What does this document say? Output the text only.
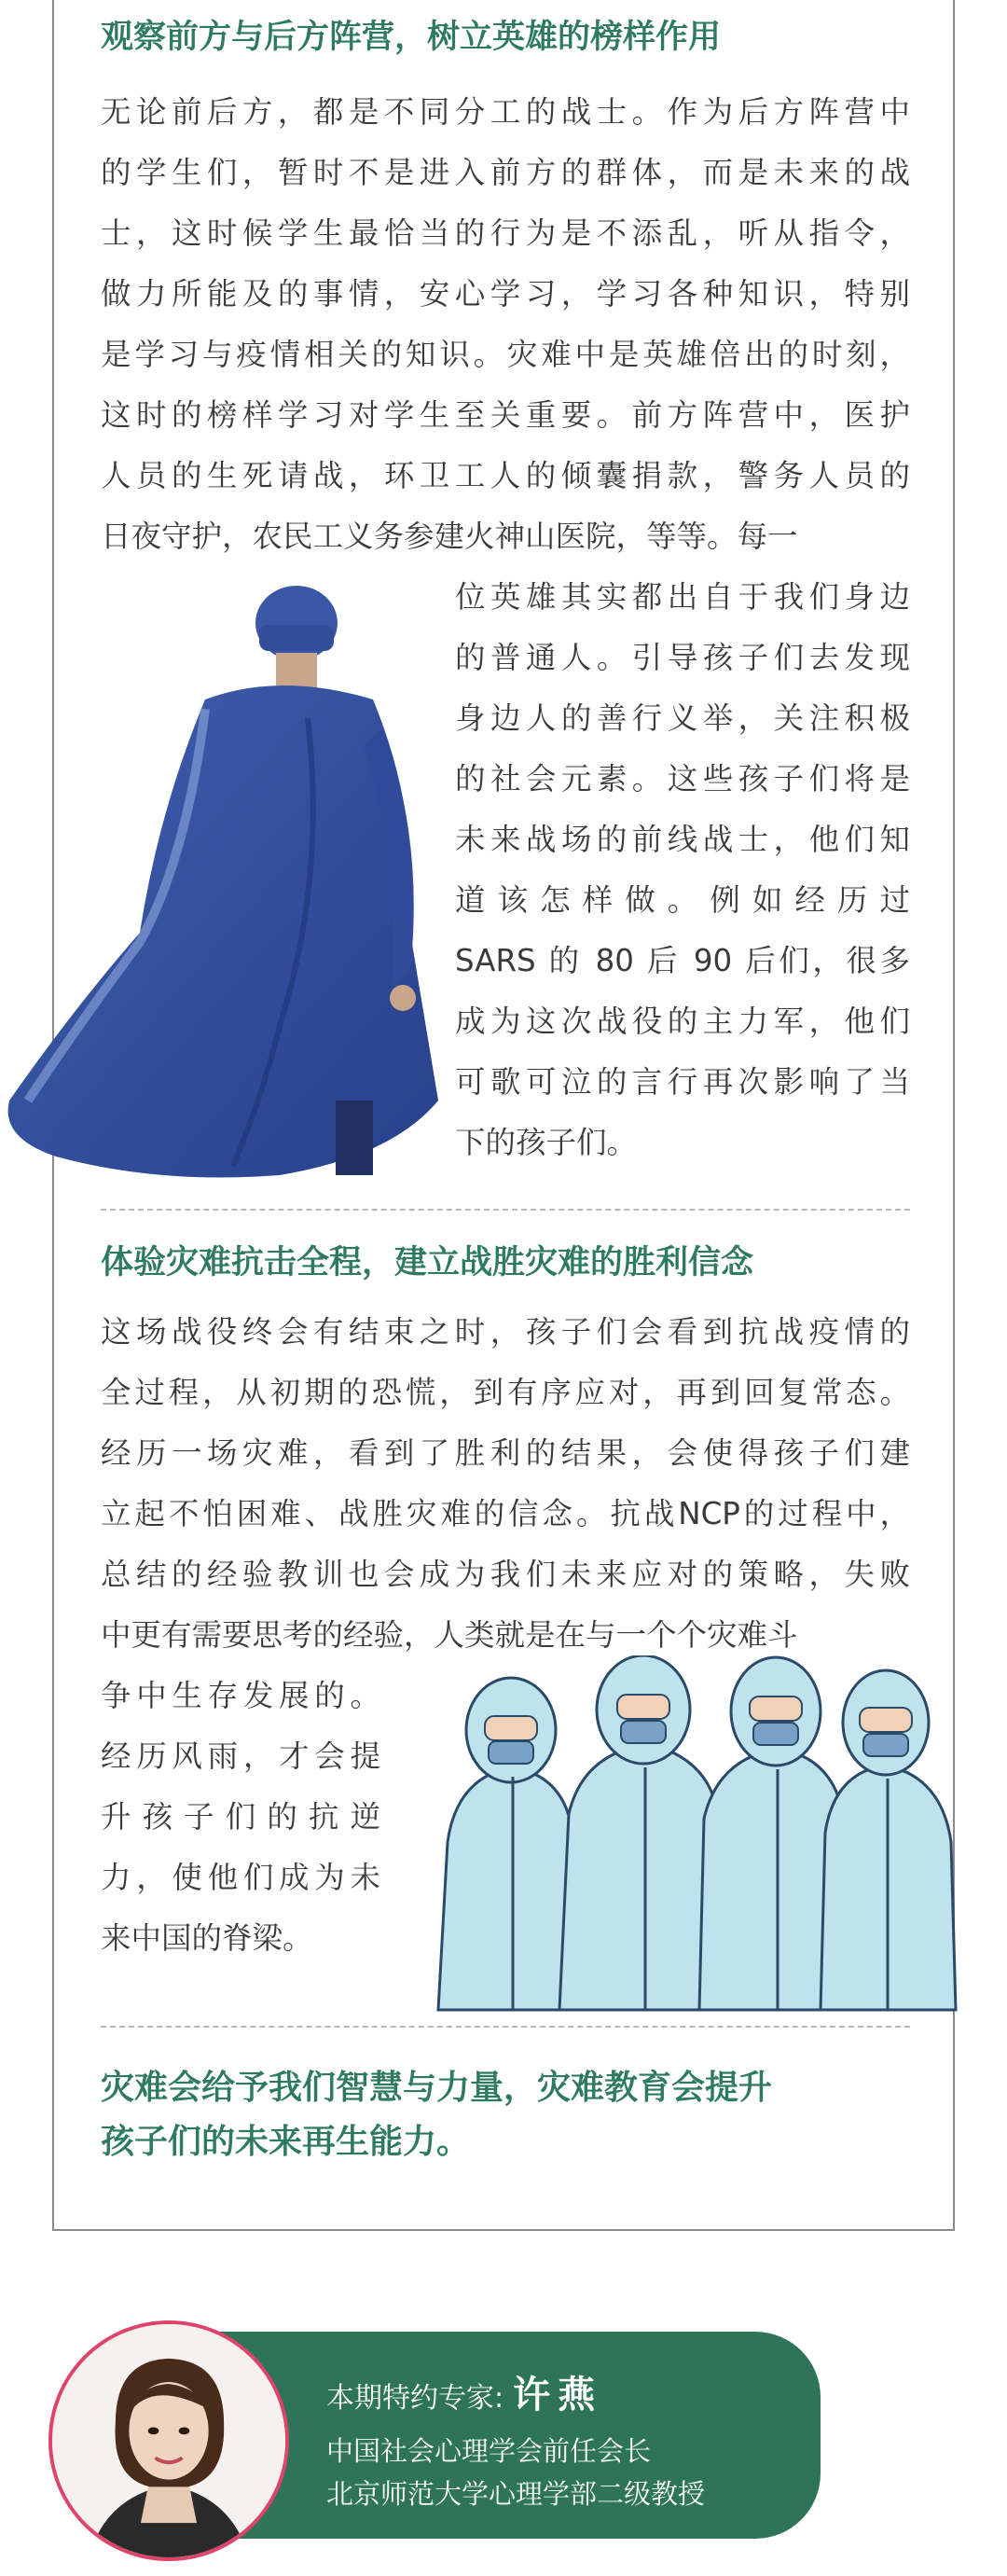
观察前方与后方阵营，树立英雄的榜样作用
无论前后方，都是不同分工的战士。作为后方阵营中
的学生们，暂时不是进入前方的群体，而是未来的战
士，这时候学生最恰当的行为是不添乱，听从指令，
做力所能及的事情，安心学习，学习各种知识，特别
是学习与疫情相关的知识。灾难中是英雄倍出的时刻，
这时的榜样学习对学生至关重要。前方阵营中，医护
人员的生死请战，环卫工人的倾囊捐款，警务人员的
日夜守护，农民工义务参建火神山医院，等等。每一
位英雄其实都出自于我们身边
的普通人。引导孩子们去发现
身边人的善行义举，关注积极
的社会元素。这些孩子们将是
未来战场的前线战士，他们知
道该怎样做。例如经历过
SARS 的 80 后 90 后们，很多
成为这次战役的主力军，他们
可歌可泣的言行再次影响了当
下的孩子们。
体验灾难抗击全程，建立战胜灾难的胜利信念
这场战役终会有结束之时，孩子们会看到抗战疫情的
全过程，从初期的恐慌，到有序应对，再到回复常态。
经历一场灾难，看到了胜利的结果，会使得孩子们建
立起不怕困难、战胜灾难的信念。抗战NCP的过程中，
总结的经验教训也会成为我们未来应对的策略，失败
中更有需要思考的经验，人类就是在与一个个灾难斗
争中生存发展的。
经历风雨，才会提
升孩子们的抗逆
力，使他们成为未
来中国的脊梁。
灾难会给予我们智慧与力量，灾难教育会提升
孩子们的未来再生能力。
本期特约专家: 许燕
中国社会心理学会前任会长
北京师范大学心理学部二级教授
